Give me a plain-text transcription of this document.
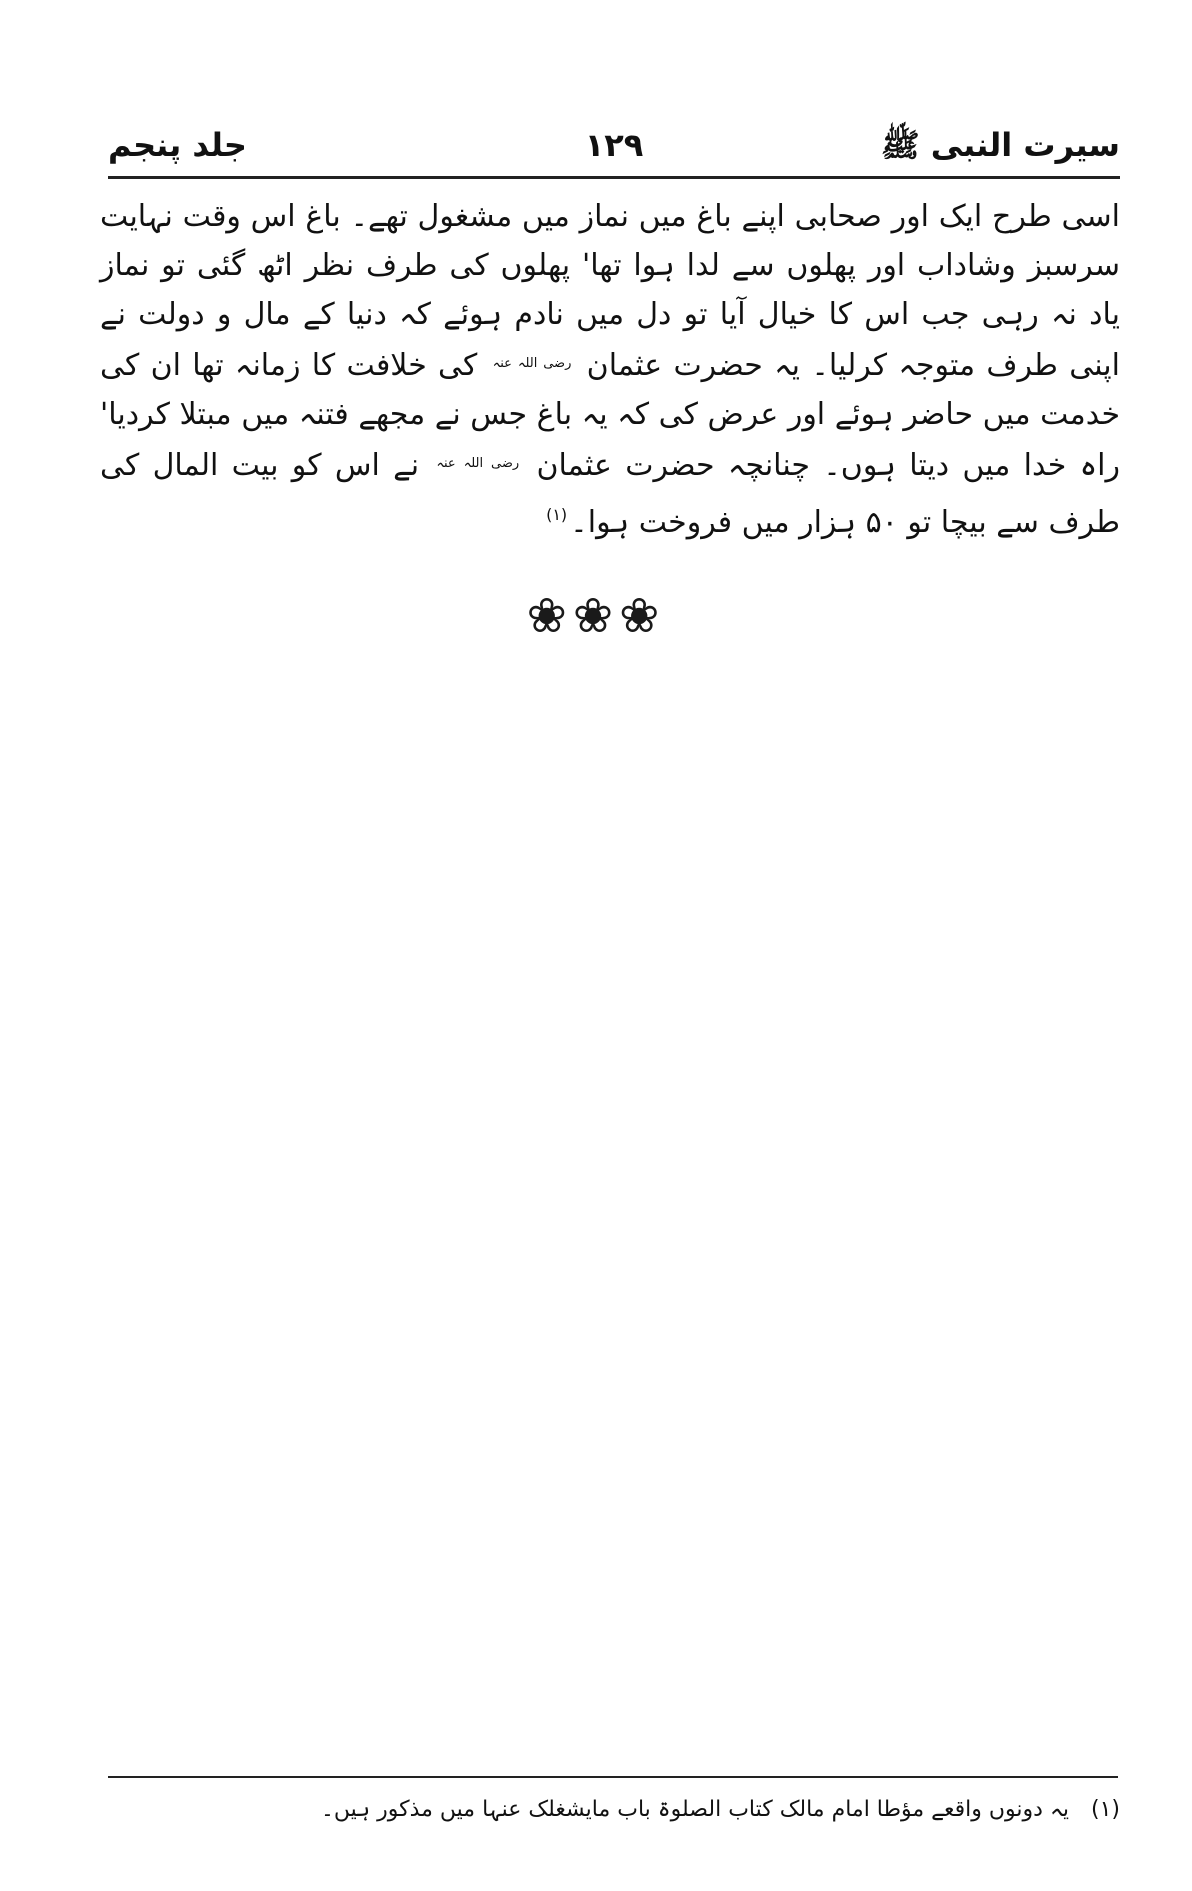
سیرت النبی ﷺ
۱۲۹
جلد پنجم

اسی طرح ایک اور صحابی اپنے باغ میں نماز میں مشغول تھے۔ باغ اس وقت نہایت سرسبز وشاداب اور پھلوں سے لدا ہوا تھا' پھلوں کی طرف نظر اٹھ گئی تو نماز یاد نہ رہی جب اس کا خیال آیا تو دل میں نادم ہوئے کہ دنیا کے مال و دولت نے اپنی طرف متوجہ کرلیا۔ یہ حضرت عثمان $^{رضی اللہ عنہ}$ کی خلافت کا زمانہ تھا ان کی خدمت میں حاضر ہوئے اور عرض کی کہ یہ باغ جس نے مجھے فتنہ میں مبتلا کردیا' راہ خدا میں دیتا ہوں۔ چنانچہ حضرت عثمان $^{رضی اللہ عنہ}$ نے اس کو بیت المال کی طرف سے بیچا تو ۵۰ ہزار میں فروخت ہوا۔$^{(۱)}$

❀❀❀
(۱)یہ دونوں واقعے مؤطا امام مالک کتاب الصلوۃ باب مایشغلک عنہا میں مذکور ہیں۔
